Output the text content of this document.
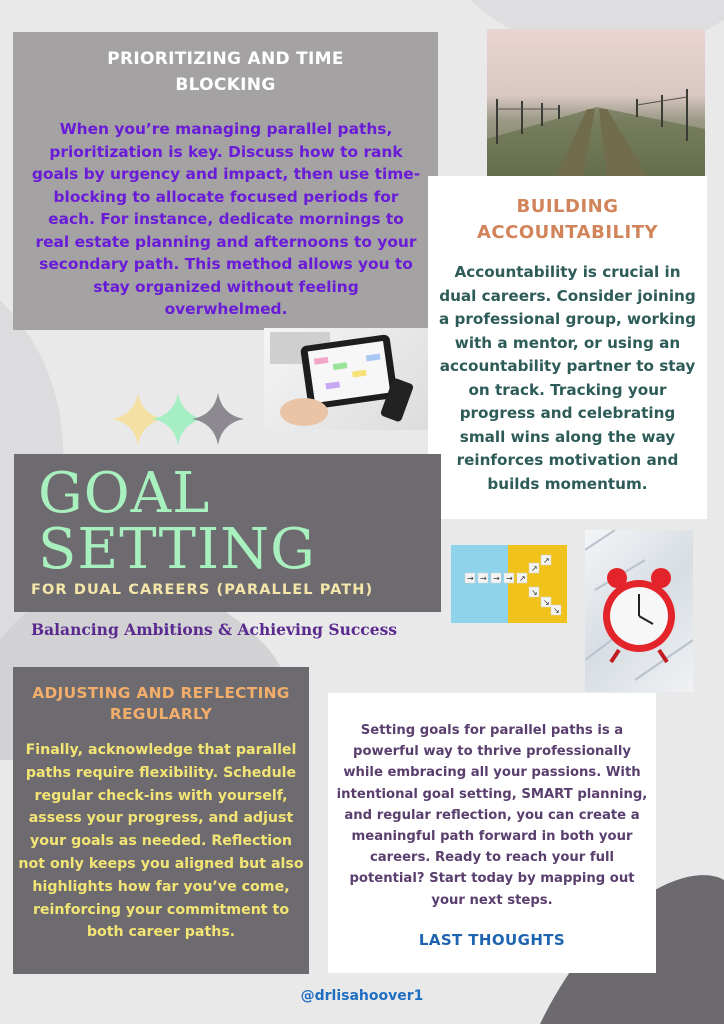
PRIORITIZING AND TIME BLOCKING
When you’re managing parallel paths, prioritization is key. Discuss how to rank goals by urgency and impact, then use time-blocking to allocate focused periods for each. For instance, dedicate mornings to real estate planning and afternoons to your secondary path. This method allows you to stay organized without feeling overwhelmed.
BUILDING ACCOUNTABILITY
Accountability is crucial in dual careers. Consider joining a professional group, working with a mentor, or using an accountability partner to stay on track. Tracking your progress and celebrating small wins along the way reinforces motivation and builds momentum.
GOAL
SETTING
FOR DUAL CAREERS (PARALLEL PATH)
Balancing Ambitions & Achieving Success
→ → → → ↗
↗
↗
↘
↘
↘
ADJUSTING AND REFLECTING REGULARLY
Finally, acknowledge that parallel paths require flexibility. Schedule regular check-ins with yourself, assess your progress, and adjust your goals as needed. Reflection not only keeps you aligned but also highlights how far you’ve come, reinforcing your commitment to both career paths.
Setting goals for parallel paths is a powerful way to thrive professionally while embracing all your passions. With intentional goal setting, SMART planning, and regular reflection, you can create a meaningful path forward in both your careers. Ready to reach your full potential? Start today by mapping out your next steps.
LAST THOUGHTS
@drlisahoover1
